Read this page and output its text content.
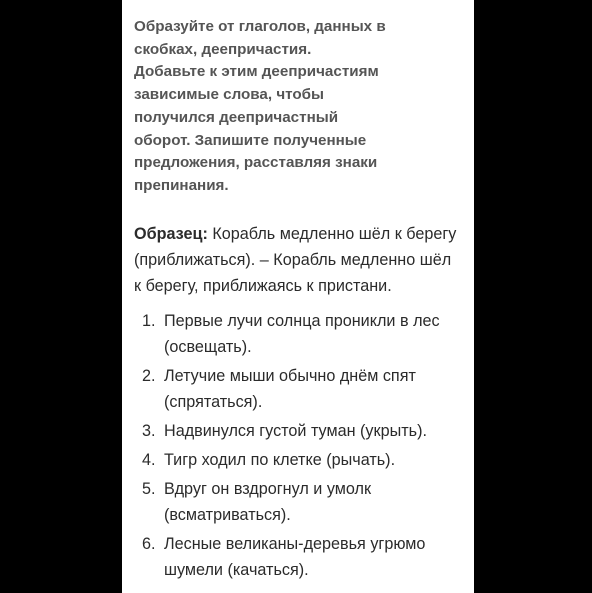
Образуйте от глаголов, данных в
скобках, деепричастия.
Добавьте к этим деепричастиям
зависимые слова, чтобы
получился деепричастный
оборот. Запишите полученные
предложения, расставляя знаки
препинания.

Образец: Корабль медленно шёл к берегу
(приближаться). – Корабль медленно шёл
к берегу, приближаясь к пристани.

1. Первые лучи солнца проникли в лес
(освещать).
2. Летучие мыши обычно днём спят
(спрятаться).
3. Надвинулся густой туман (укрыть).
4. Тигр ходил по клетке (рычать).
5. Вдруг он вздрогнул и умолк
(всматриваться).
6. Лесные великаны-деревья угрюмо
шумели (качаться).
